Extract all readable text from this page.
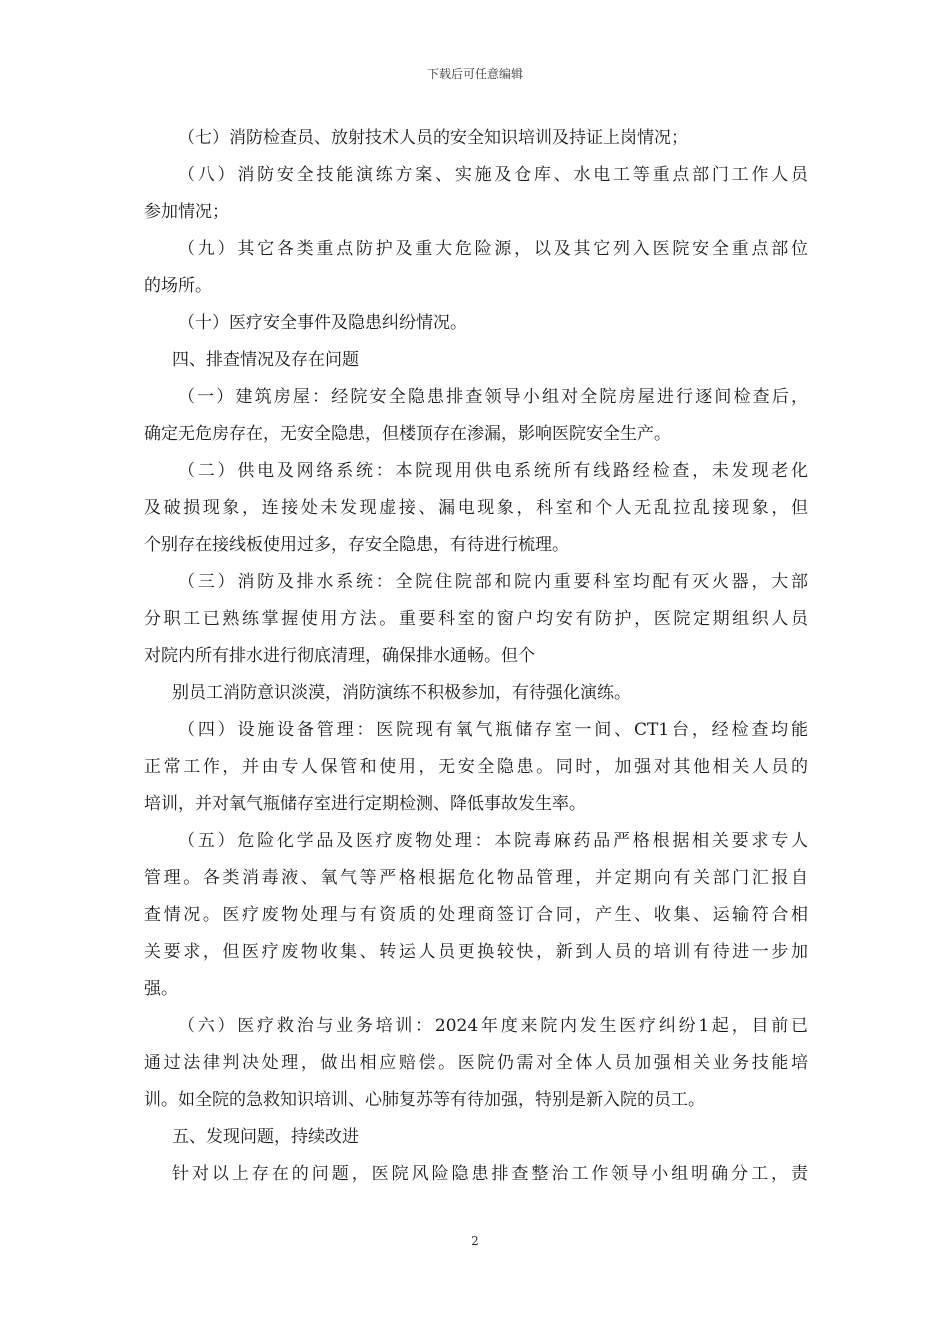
下载后可任意编辑
（七）消防检查员、放射技术人员的安全知识培训及持证上岗情况；
（八）消防安全技能演练方案、实施及仓库、水电工等重点部门工作人员
参加情况；
（九）其它各类重点防护及重大危险源，以及其它列入医院安全重点部位
的场所。
（十）医疗安全事件及隐患纠纷情况。
四、排查情况及存在问题
（一）建筑房屋：经院安全隐患排查领导小组对全院房屋进行逐间检查后，
确定无危房存在，无安全隐患，但楼顶存在渗漏，影响医院安全生产。
（二）供电及网络系统：本院现用供电系统所有线路经检查，未发现老化
及破损现象，连接处未发现虚接、漏电现象，科室和个人无乱拉乱接现象，但
个别存在接线板使用过多，存安全隐患，有待进行梳理。
（三）消防及排水系统：全院住院部和院内重要科室均配有灭火器，大部
分职工已熟练掌握使用方法。重要科室的窗户均安有防护，医院定期组织人员
对院内所有排水进行彻底清理，确保排水通畅。但个
别员工消防意识淡漠，消防演练不积极参加，有待强化演练。
（四）设施设备管理：医院现有氧气瓶储存室一间、CT1台，经检查均能
正常工作，并由专人保管和使用，无安全隐患。同时，加强对其他相关人员的
培训，并对氧气瓶储存室进行定期检测、降低事故发生率。
（五）危险化学品及医疗废物处理：本院毒麻药品严格根据相关要求专人
管理。各类消毒液、氧气等严格根据危化物品管理，并定期向有关部门汇报自
查情况。医疗废物处理与有资质的处理商签订合同，产生、收集、运输符合相
关要求，但医疗废物收集、转运人员更换较快，新到人员的培训有待进一步加
强。
（六）医疗救治与业务培训：2024年度来院内发生医疗纠纷1起，目前已
通过法律判决处理，做出相应赔偿。医院仍需对全体人员加强相关业务技能培
训。如全院的急救知识培训、心肺复苏等有待加强，特别是新入院的员工。
五、发现问题，持续改进
针对以上存在的问题，医院风险隐患排查整治工作领导小组明确分工，责
2
